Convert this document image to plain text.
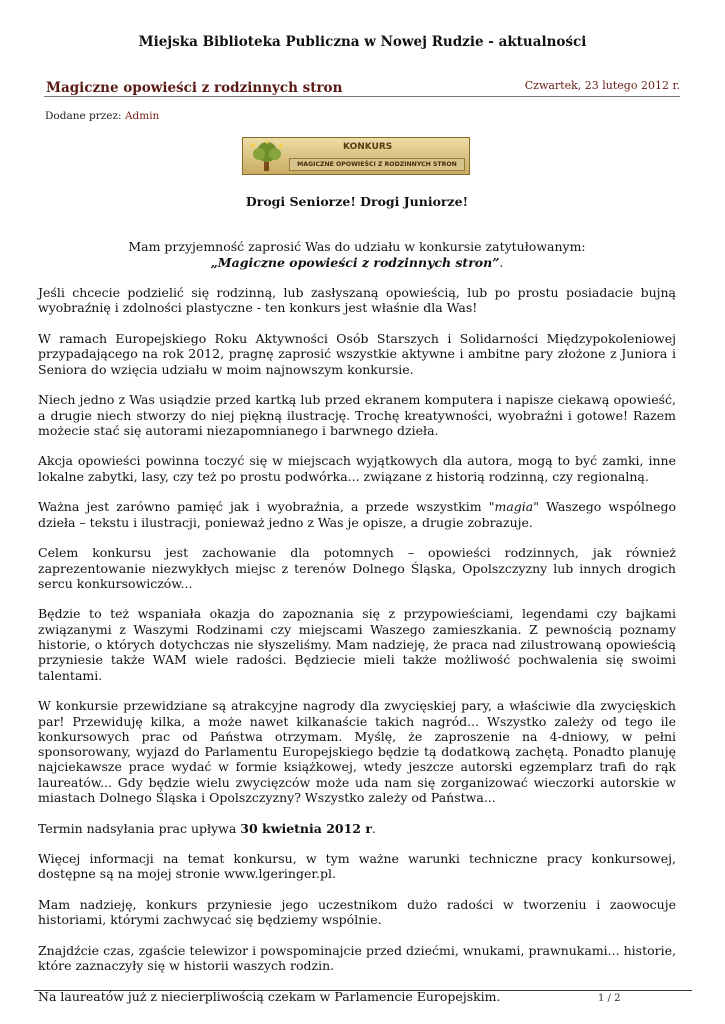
Miejska Biblioteka Publiczna w Nowej Rudzie - aktualności
Magiczne opowieści z rodzinnych stron	Czwartek, 23 lutego 2012 r.
Dodane przez: Admin
KONKURS
MAGICZNE OPOWIEŚCI Z RODZINNYCH STRON

Drogi Seniorze! Drogi Juniorze!

Mam przyjemność zaprosić Was do udziału w konkursie zatytułowanym:
„Magiczne opowieści z rodzinnych stron”.

Jeśli chcecie podzielić się rodzinną, lub zasłyszaną opowieścią, lub po prostu posiadacie bujną wyobraźnię i zdolności plastyczne - ten konkurs jest właśnie dla Was!

W ramach Europejskiego Roku Aktywności Osób Starszych i Solidarności Międzypokoleniowej przypadającego na rok 2012, pragnę zaprosić wszystkie aktywne i ambitne pary złożone z Juniora i Seniora do wzięcia udziału w moim najnowszym konkursie.

Niech jedno z Was usiądzie przed kartką lub przed ekranem komputera i napisze ciekawą opowieść, a drugie niech stworzy do niej piękną ilustrację. Trochę kreatywności, wyobraźni i gotowe! Razem możecie stać się autorami niezapomnianego i barwnego dzieła.

Akcja opowieści powinna toczyć się w miejscach wyjątkowych dla autora, mogą to być zamki, inne lokalne zabytki, lasy, czy też po prostu podwórka... związane z historią rodzinną, czy regionalną.

Ważna jest zarówno pamięć jak i wyobraźnia, a przede wszystkim "magia" Waszego wspólnego dzieła – tekstu i ilustracji, ponieważ jedno z Was je opisze, a drugie zobrazuje.

Celem konkursu jest zachowanie dla potomnych – opowieści rodzinnych, jak również zaprezentowanie niezwykłych miejsc z terenów Dolnego Śląska, Opolszczyzny lub innych drogich sercu konkursowiczów...

Będzie to też wspaniała okazja do zapoznania się z przypowieściami, legendami czy bajkami związanymi z Waszymi Rodzinami czy miejscami Waszego zamieszkania. Z pewnością poznamy historie, o których dotychczas nie słyszeliśmy. Mam nadzieję, że praca nad zilustrowaną opowieścią przyniesie także WAM wiele radości. Będziecie mieli także możliwość pochwalenia się swoimi talentami.

W konkursie przewidziane są atrakcyjne nagrody dla zwycięskiej pary, a właściwie dla zwycięskich par! Przewiduję kilka, a może nawet kilkanaście takich nagród... Wszystko zależy od tego ile konkursowych prac od Państwa otrzymam. Myślę, że zaproszenie na 4-dniowy, w pełni sponsorowany, wyjazd do Parlamentu Europejskiego będzie tą dodatkową zachętą. Ponadto planuję najciekawsze prace wydać w formie książkowej, wtedy jeszcze autorski egzemplarz trafi do rąk laureatów... Gdy będzie wielu zwycięzców może uda nam się zorganizować wieczorki autorskie w miastach Dolnego Śląska i Opolszczyzny? Wszystko zależy od Państwa...

Termin nadsyłania prac upływa 30 kwietnia 2012 r.

Więcej informacji na temat konkursu, w tym ważne warunki techniczne pracy konkursowej, dostępne są na mojej stronie www.lgeringer.pl.

Mam nadzieję, konkurs przyniesie jego uczestnikom dużo radości w tworzeniu i zaowocuje historiami, którymi zachwycać się będziemy wspólnie.

Znajdźcie czas, zgaście telewizor i powspominajcie przed dziećmi, wnukami, prawnukami... historie, które zaznaczyły się w historii waszych rodzin.

Na laureatów już z niecierpliwością czekam w Parlamencie Europejskim.	1 / 2
